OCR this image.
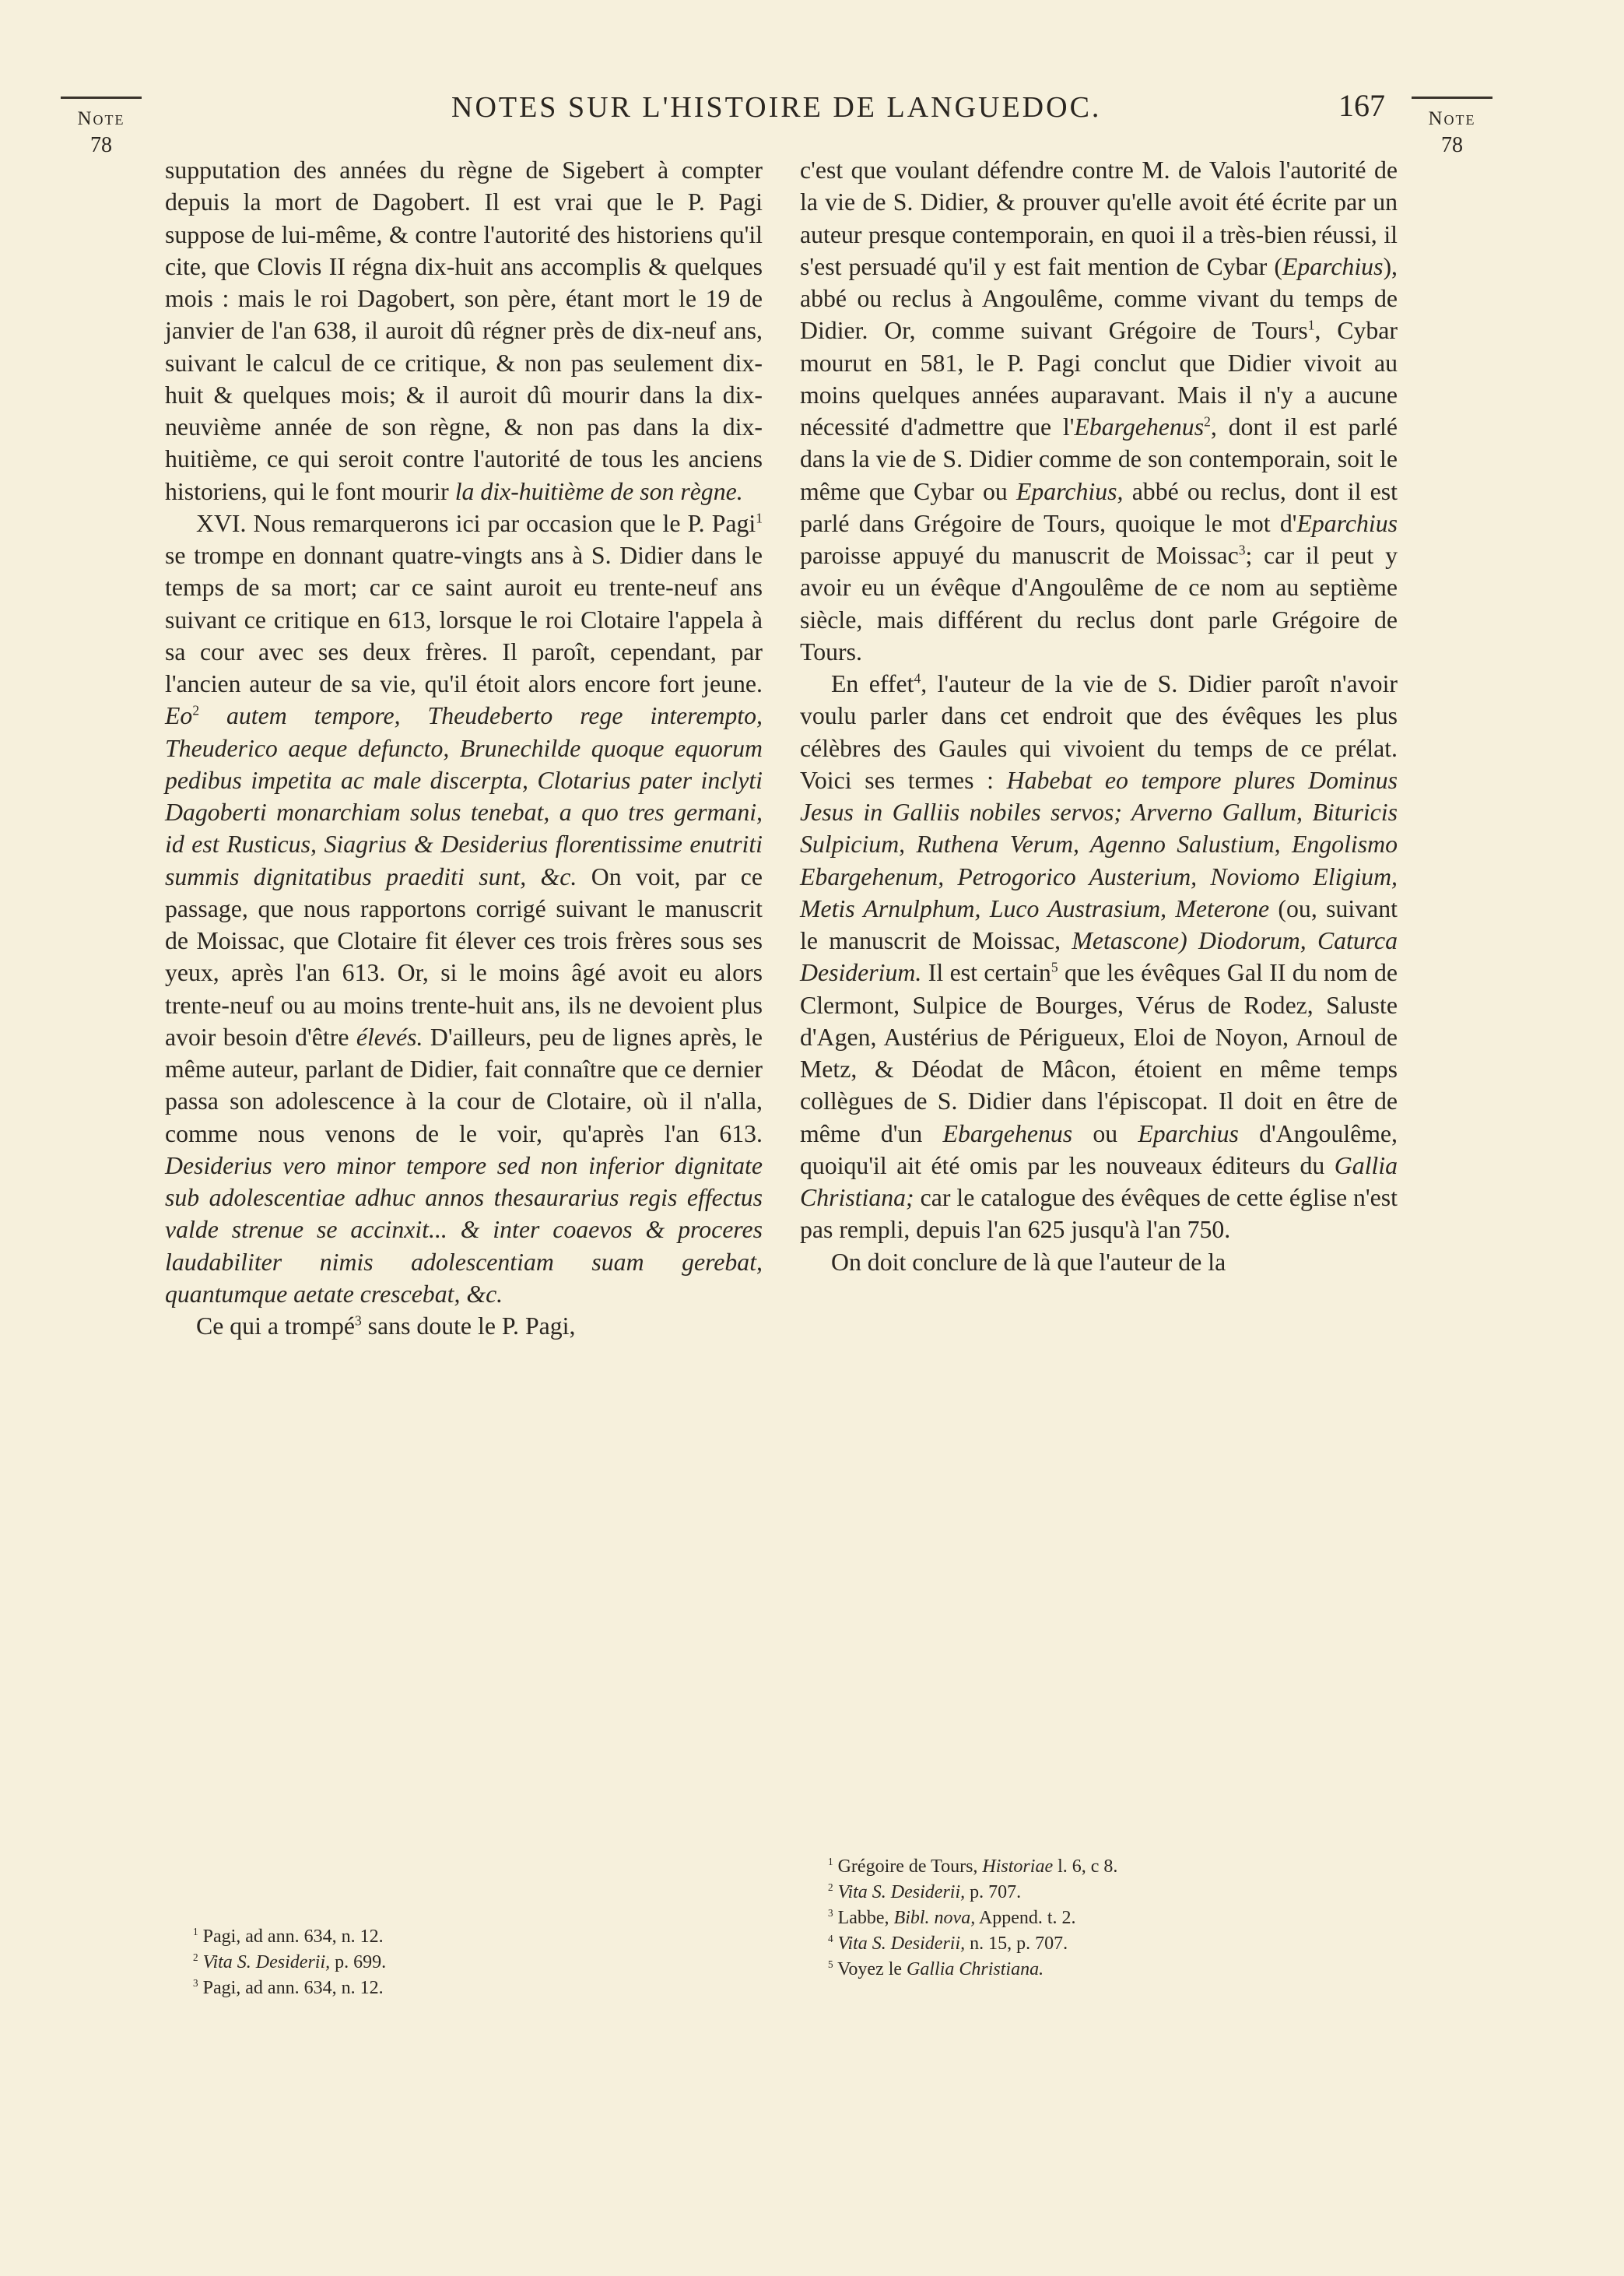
Note
78
NOTES SUR L'HISTOIRE DE LANGUEDOC.	167	Note
78

supputation des années du règne de Sigebert à compter depuis la mort de Dagobert. Il est vrai que le P. Pagi suppose de lui-même, & contre l'autorité des historiens qu'il cite, que Clovis II régna dix-huit ans accomplis & quelques mois : mais le roi Dagobert, son père, étant mort le 19 de janvier de l'an 638, il auroit dû régner près de dix-neuf ans, suivant le calcul de ce critique, & non pas seulement dix-huit & quelques mois; & il auroit dû mourir dans la dix-neuvième année de son règne, & non pas dans la dix-huitième, ce qui seroit contre l'autorité de tous les anciens historiens, qui le font mourir la dix-huitième de son règne.

XVI. Nous remarquerons ici par occasion que le P. Pagi$^1$ se trompe en donnant quatre-vingts ans à S. Didier dans le temps de sa mort; car ce saint auroit eu trente-neuf ans suivant ce critique en 613, lorsque le roi Clotaire l'appela à sa cour avec ses deux frères. Il paroît, cependant, par l'ancien auteur de sa vie, qu'il étoit alors encore fort jeune. Eo$^2$ autem tempore, Theudeberto rege interempto, Theuderico aeque defuncto, Brunechilde quoque equorum pedibus impetita ac male discerpta, Clotarius pater inclyti Dagoberti monarchiam solus tenebat, a quo tres germani, id est Rusticus, Siagrius & Desiderius florentissime enutriti summis dignitatibus praediti sunt, &c. On voit, par ce passage, que nous rapportons corrigé suivant le manuscrit de Moissac, que Clotaire fit élever ces trois frères sous ses yeux, après l'an 613. Or, si le moins âgé avoit eu alors trente-neuf ou au moins trente-huit ans, ils ne devoient plus avoir besoin d'être élevés. D'ailleurs, peu de lignes après, le même auteur, parlant de Didier, fait connaître que ce dernier passa son adolescence à la cour de Clotaire, où il n'alla, comme nous venons de le voir, qu'après l'an 613. Desiderius vero minor tempore sed non inferior dignitate sub adolescentiae adhuc annos thesaurarius regis effectus valde strenue se accinxit... & inter coaevos & proceres laudabiliter nimis adolescentiam suam gerebat, quantumque aetate crescebat, &c.

Ce qui a trompé$^3$ sans doute le P. Pagi,

c'est que voulant défendre contre M. de Valois l'autorité de la vie de S. Didier, & prouver qu'elle avoit été écrite par un auteur presque contemporain, en quoi il a très-bien réussi, il s'est persuadé qu'il y est fait mention de Cybar (Eparchius), abbé ou reclus à Angoulême, comme vivant du temps de Didier. Or, comme suivant Grégoire de Tours$^1$, Cybar mourut en 581, le P. Pagi conclut que Didier vivoit au moins quelques années auparavant. Mais il n'y a aucune nécessité d'admettre que l'Ebargehenus$^2$, dont il est parlé dans la vie de S. Didier comme de son contemporain, soit le même que Cybar ou Eparchius, abbé ou reclus, dont il est parlé dans Grégoire de Tours, quoique le mot d'Eparchius paroisse appuyé du manuscrit de Moissac$^3$; car il peut y avoir eu un évêque d'Angoulême de ce nom au septième siècle, mais différent du reclus dont parle Grégoire de Tours.

En effet$^4$, l'auteur de la vie de S. Didier paroît n'avoir voulu parler dans cet endroit que des évêques les plus célèbres des Gaules qui vivoient du temps de ce prélat. Voici ses termes : Habebat eo tempore plures Dominus Jesus in Galliis nobiles servos; Arverno Gallum, Bituricis Sulpicium, Ruthena Verum, Agenno Salustium, Engolismo Ebargehenum, Petrogorico Austerium, Noviomo Eligium, Metis Arnulphum, Luco Austrasium, Meterone (ou, suivant le manuscrit de Moissac, Metascone) Diodorum, Caturca Desiderium. Il est certain$^5$ que les évêques Gal II du nom de Clermont, Sulpice de Bourges, Vérus de Rodez, Saluste d'Agen, Austérius de Périgueux, Eloi de Noyon, Arnoul de Metz, & Déodat de Mâcon, étoient en même temps collègues de S. Didier dans l'épiscopat. Il doit en être de même d'un Ebargehenus ou Eparchius d'Angoulême, quoiqu'il ait été omis par les nouveaux éditeurs du Gallia Christiana; car le catalogue des évêques de cette église n'est pas rempli, depuis l'an 625 jusqu'à l'an 750.

On doit conclure de là que l'auteur de la

$^1$ Pagi, ad ann. 634, n. 12.
$^2$ Vita S. Desiderii, p. 699.
$^3$ Pagi, ad ann. 634, n. 12.
$^1$ Grégoire de Tours, Historiae l. 6, c 8.
$^2$ Vita S. Desiderii, p. 707.
$^3$ Labbe, Bibl. nova, Append. t. 2.
$^4$ Vita S. Desiderii, n. 15, p. 707.
$^5$ Voyez le Gallia Christiana.
